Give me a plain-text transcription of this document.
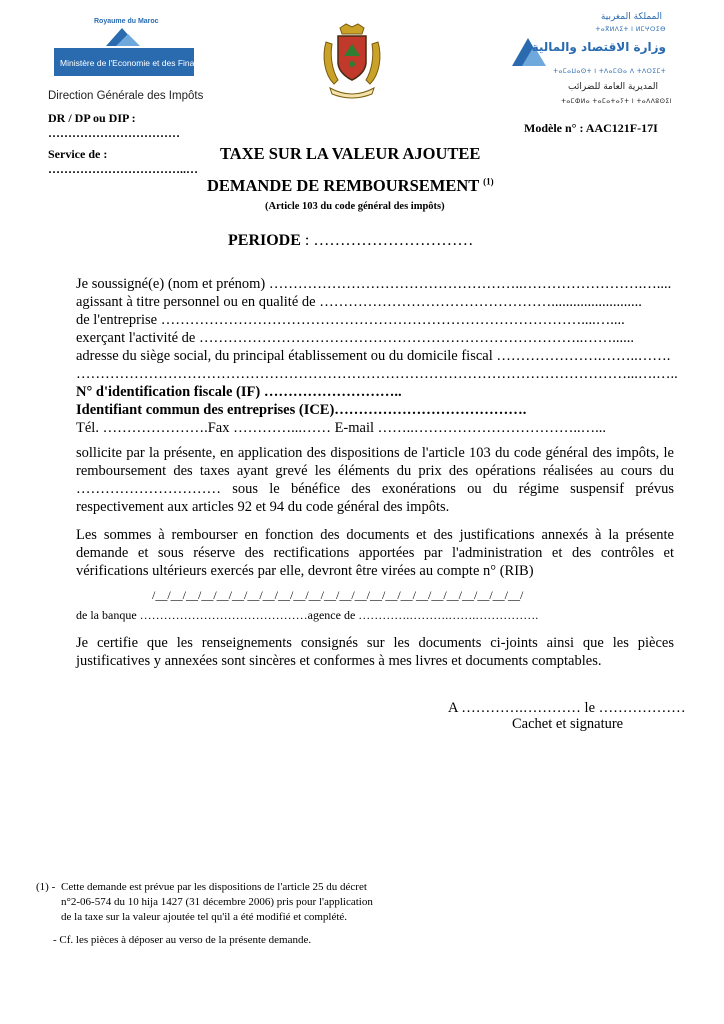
Royaume du Maroc
Ministère de l'Economie et des Finances
Direction Générale des Impôts
المملكة المغربية
ⵜⴰⴳⵍⴷⵉⵜ ⵏ ⵍⵎⵖⵔⵉⴱ
وزارة الاقتصاد والمالية
ⵜⴰⵎⴰⵡⴰⵙⵜ ⵏ ⵜⴷⴰⵎⵙⴰ ⴷ ⵜⴷⵔⵉⵎⵜ
المديرية العامة للضرائب
ⵜⴰⵎⵀⵍⴰ ⵜⴰⵎⴰⵜⴰⵢⵜ ⵏ ⵜⴰⴷⴷⵓⵙⵉⵏ
DR / DP ou DIP :
……………………………
Service de :
……………………………..…
Modèle n° : AAC121F-17I
TAXE SUR LA VALEUR AJOUTEE
DEMANDE DE REMBOURSEMENT $^{(1)}$
(Article 103 du code général des impôts)
PERIODE : …………………………
Je soussigné(e) (nom et prénom) ……………………………………………..…………………….…....
agissant à titre personnel ou en qualité de ………………………………………….........................
de l'entreprise ……………………………………………………………………………....…....
exerçant l'activité de ……………………………………………………………………..……......
adresse du siège social, du principal établissement ou du domicile fiscal ………………….……..…….
……………………………………………………………………………………………………...….…..
N° d'identification fiscale (IF) ………………………..
Identifiant commun des entreprises (ICE)………………………………….
Tél. ………………….Fax …………...…… E-mail ……..……………………………..…...
sollicite par la présente, en application des dispositions de l'article 103 du code général des impôts, le remboursement des taxes ayant grevé les éléments du prix des opérations réalisées au cours du ………………………… sous le bénéfice des exonérations ou du régime suspensif prévus respectivement aux articles 92 et 94 du code général des impôts.
Les sommes à rembourser en fonction des documents et des justifications annexés à la présente demande et sous réserve des rectifications apportées par l'administration et des contrôles et vérifications ultérieurs exercés par elle, devront être virées au compte n° (RIB)
/__/__/__/__/__/__/__/__/__/__/__/__/__/__/__/__/__/__/__/__/__/__/__/__/
de la banque ……………………………………agence de ………….……….…….…………….
Je certifie que les renseignements consignés sur les documents ci-joints ainsi que les pièces justificatives y annexées sont sincères et conformes à mes livres et documents comptables.
A ………….………… le ………………
Cachet et signature
(1) - Cette demande est prévue par les dispositions de l'article 25 du décret
n°2-06-574 du 10 hija 1427 (31 décembre 2006) pris pour l'application
de la taxe sur la valeur ajoutée tel qu'il a été modifié et complété.
- Cf. les pièces à déposer au verso de la présente demande.
